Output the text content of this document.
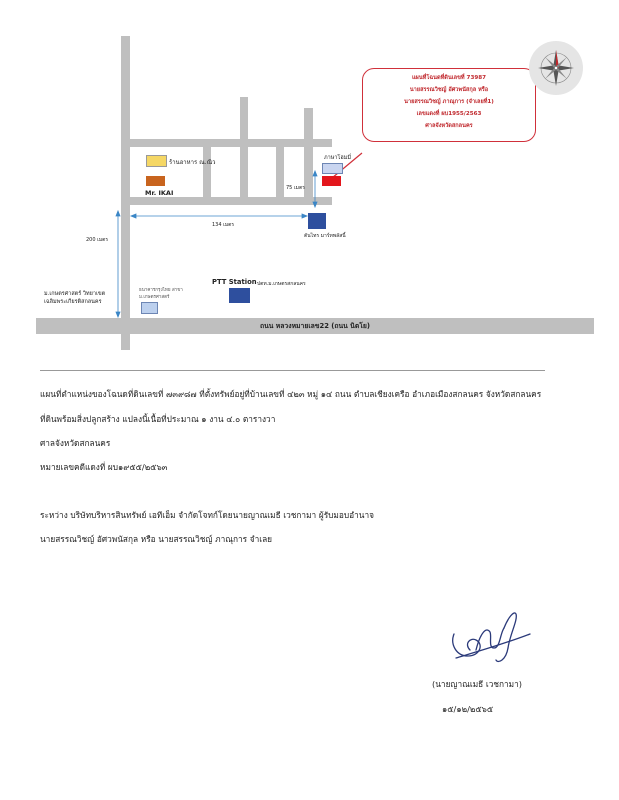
ถนน หลวงหมายเลข22 (ถนน นิตโย)
ร้านอาหาร ณ.ณิว
Mr. IKAI
200 เมตร
134 เมตร
75 เมตร
ม.เกษตรศาสตร์ วิทยาเขต
เฉลิมพระเกียรติสกลนคร
ธนาคารกรุงไทย สาขา
ม.เกษตรศาสตร์
PTT Station ปตท.ม.เกษตรสกลนคร
ภาษาโฮมมี่
ตันไทร มาร์ทพลัสนี้
แผนที่โฉนดที่ดินเลขที่ 73987
นายสรรณวิชญ์ อัศวพนัสกุล หรือ
นายสรรณวิชญ์ ภาณุการ (จำเลยที่1)
เลขแดงที่ ผบ1955/2563
ศาลจังหวัดสกลนคร
แผนที่ตำแหน่งของโฉนดที่ดินเลขที่ ๗๓๙๘๗ ที่ตั้งทรัพย์อยู่ที่บ้านเลขที่ ๔๒๓ หมู่ ๑๔ ถนน ตำบลเชียงเครือ อำเภอเมืองสกลนคร จังหวัดสกลนคร
ที่ดินพร้อมสิ่งปลูกสร้าง แปลงนี้เนื้อที่ประมาณ ๑ งาน ๔.๐ ตารางวา
ศาลจังหวัดสกลนคร
หมายเลขคดีแดงที่ ผบ๑๙๕๕/๒๕๖๓
ระหว่าง บริษัทบริหารสินทรัพย์ เอทีเอ็ม จำกัดโจทก์โดยนายญาณเมธี เวชกามา ผู้รับมอบอำนาจ
นายสรรณวิชญ์ อัศวพนัสกุล หรือ นายสรรณวิชญ์ ภาณุการ จำเลย
(นายญาณเมธี เวชกามา)
๑๕/๑๒/๒๕๖๕
